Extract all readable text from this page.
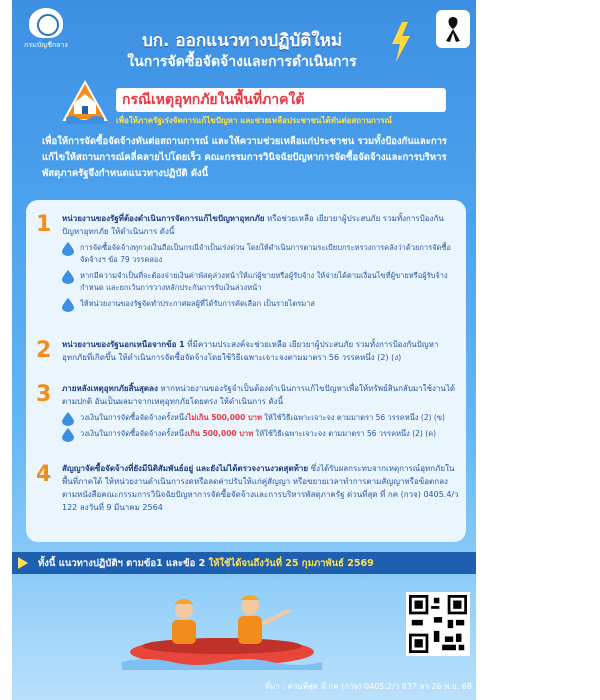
กรมบัญชีกลาง	บก. ออกแนวทางปฏิบัติใหม่
ในการจัดซื้อจัดจ้างและการดำเนินการ
กรณีเหตุอุทกภัยในพื้นที่ภาคใต้
เพื่อให้ภาครัฐเร่งจัดการแก้ไขปัญหา และช่วยเหลือประชาชนได้ทันต่อสถานการณ์
เพื่อให้การจัดซื้อจัดจ้างทันต่อสถานการณ์ และให้ความช่วยเหลือแก่ประชาชน รวมทั้งป้องกันและการแก้ไขให้สถานการณ์คลี่คลายไปโดยเร็ว คณะกรรมการวินิจฉัยปัญหาการจัดซื้อจัดจ้างและการบริหารพัสดุภาครัฐจึงกำหนดแนวทางปฏิบัติ ดังนี้
1 หน่วยงานของรัฐที่ต้องดำเนินการจัดการแก้ไขปัญหาอุทกภัย หรือช่วยเหลือ เยียวยาผู้ประสบภัย รวมทั้งการป้องกันปัญหาอุทกภัย ให้ดำเนินการ ดังนี้
การจัดซื้อจัดจ้างทุกวงเงินถือเป็นกรณีจำเป็นเร่งด่วน โดยให้ดำเนินการตามระเบียบกระทรวงการคลังว่าด้วยการจัดซื้อจัดจ้างฯ ข้อ 79 วรรคสอง
หากมีความจำเป็นที่จะต้องจ่ายเงินค่าพัสดุล่วงหน้าให้แก่ผู้ขายหรือผู้รับจ้าง ให้จ่ายได้ตามเงื่อนไขที่ผู้ขายหรือผู้รับจ้างกำหนด และยกเว้นการวางหลักประกันการรับเงินล่วงหน้า
ให้หน่วยงานของรัฐจัดทำประกาศผลผู้ที่ได้รับการคัดเลือก เป็นรายไตรมาส
2 หน่วยงานของรัฐนอกเหนือจากข้อ 1 ที่มีความประสงค์จะช่วยเหลือ เยียวยาผู้ประสบภัย รวมทั้งการป้องกันปัญหาอุทกภัยที่เกิดขึ้น ให้ดำเนินการจัดซื้อจัดจ้างโดยใช้วิธีเฉพาะเจาะจงตามมาตรา 56 วรรคหนึ่ง (2) (ง)
3 ภายหลังเหตุอุทกภัยสิ้นสุดลง หากหน่วยงานของรัฐจำเป็นต้องดำเนินการแก้ไขปัญหาเพื่อให้ทรัพย์สินกลับมาใช้งานได้ตามปกติ อันเป็นผลมาจากเหตุอุทกภัยโดยตรง ให้ดำเนินการ ดังนี้
วงเงินในการจัดซื้อจัดจ้างครั้งหนึ่งไม่เกิน 500,000 บาท ให้ใช้วิธีเฉพาะเจาะจง ตามมาตรา 56 วรรคหนึ่ง (2) (ข)
วงเงินในการจัดซื้อจัดจ้างครั้งหนึ่งเกิน 500,000 บาท ให้ใช้วิธีเฉพาะเจาะจง ตามมาตรา 56 วรรคหนึ่ง (2) (ค)
4 สัญญาจัดซื้อจัดจ้างที่ยังมีนิติสัมพันธ์อยู่ และยังไม่ได้ตรวจงานงวดสุดท้าย ซึ่งได้รับผลกระทบจากเหตุการณ์อุทกภัยในพื้นที่ภาคใต้ ให้หน่วยงานดำเนินการงดหรือลดค่าปรับให้แก่คู่สัญญา หรือขยายเวลาทำการตามสัญญาหรือข้อตกลง ตามหนังสือคณะกรรมการวินิจฉัยปัญหาการจัดซื้อจัดจ้างและการบริหารพัสดุภาครัฐ ด่วนที่สุด ที่ กค (กวจ) 0405.4/ว 122 ลงวันที่ 9 มีนาคม 2564
ทั้งนี้ แนวทางปฏิบัติฯ ตามข้อ1 และข้อ 2 ให้ใช้ได้จนถึงวันที่ 25 กุมภาพันธ์ 2569
ที่มา : ด่วนที่สุด ที่ กค (กวจ) 0405.2/ว 837 ลว 26 พ.ย. 68
